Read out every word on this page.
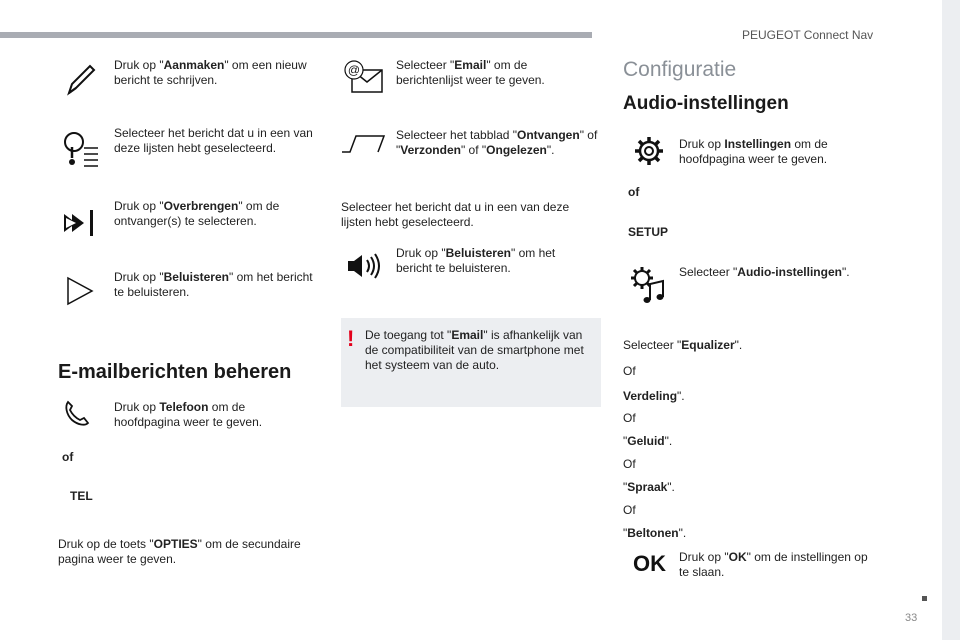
PEUGEOT Connect Nav
Druk op "Aanmaken" om een nieuw bericht te schrijven.
Selecteer het bericht dat u in een van deze lijsten hebt geselecteerd.
Druk op "Overbrengen" om de ontvanger(s) te selecteren.
Druk op "Beluisteren" om het bericht te beluisteren.
E-mailberichten beheren
Druk op Telefoon om de hoofdpagina weer te geven.
of
TEL
Druk op de toets "OPTIES" om de secundaire pagina weer te geven.
@	Selecteer "Email" om de berichtenlijst weer te geven.
Selecteer het tabblad "Ontvangen" of "Verzonden" of "Ongelezen".
Selecteer het bericht dat u in een van deze lijsten hebt geselecteerd.
Druk op "Beluisteren" om het bericht te beluisteren.
! De toegang tot "Email" is afhankelijk van de compatibiliteit van de smartphone met het systeem van de auto.
Configuratie
Audio-instellingen
Druk op Instellingen om de hoofdpagina weer te geven.
of
SETUP
Selecteer "Audio-instellingen".
Selecteer "Equalizer".
Of
Verdeling".
Of
"Geluid".
Of
"Spraak".
Of
"Beltonen".
OK Druk op "OK" om de instellingen op te slaan.
33
